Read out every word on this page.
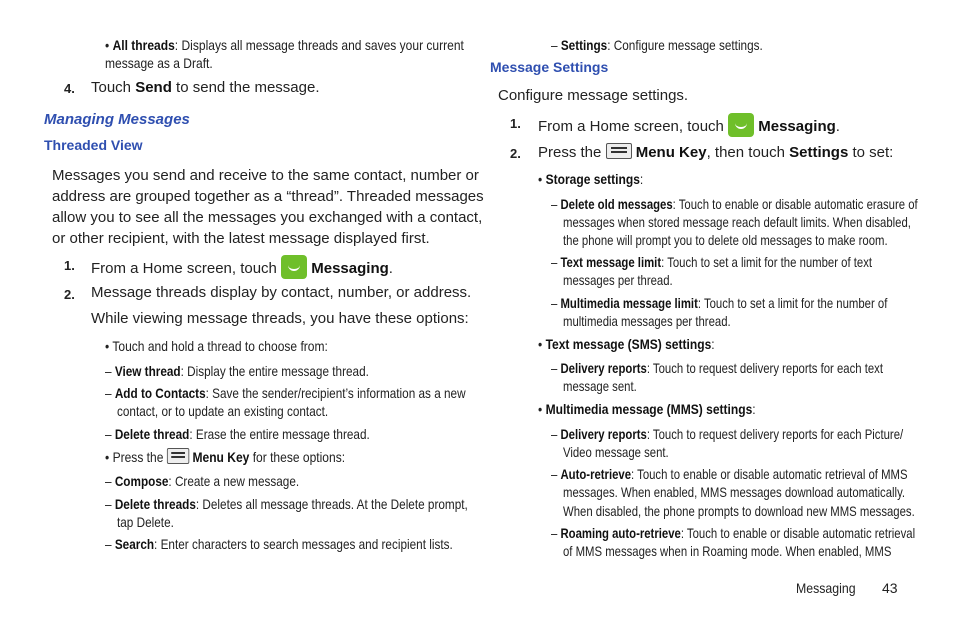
• All threads: Displays all message threads and saves your current
message as a Draft.
4. Touch Send to send the message.
Managing Messages
Threaded View
Messages you send and receive to the same contact, number or
address are grouped together as a “thread”. Threaded messages
allow you to see all the messages you exchanged with a contact,
or other recipient, with the latest message displayed first.
1. From a Home screen, touch Messaging.
2. Message threads display by contact, number, or address.
While viewing message threads, you have these options:
• Touch and hold a thread to choose from:
– View thread: Display the entire message thread.
– Add to Contacts: Save the sender/recipient’s information as a new
contact, or to update an existing contact.
– Delete thread: Erase the entire message thread.
• Press the Menu Key for these options:
– Compose: Create a new message.
– Delete threads: Deletes all message threads. At the Delete prompt,
tap Delete.
– Search: Enter characters to search messages and recipient lists.
– Settings: Configure message settings.
Message Settings
Configure message settings.
1. From a Home screen, touch Messaging.
2. Press the Menu Key, then touch Settings to set:
• Storage settings:
– Delete old messages: Touch to enable or disable automatic erasure of
messages when stored message reach default limits. When disabled,
the phone will prompt you to delete old messages to make room.
– Text message limit: Touch to set a limit for the number of text
messages per thread.
– Multimedia message limit: Touch to set a limit for the number of
multimedia messages per thread.
• Text message (SMS) settings:
– Delivery reports: Touch to request delivery reports for each text
message sent.
• Multimedia message (MMS) settings:
– Delivery reports: Touch to request delivery reports for each Picture/
Video message sent.
– Auto-retrieve: Touch to enable or disable automatic retrieval of MMS
messages. When enabled, MMS messages download automatically.
When disabled, the phone prompts to download new MMS messages.
– Roaming auto-retrieve: Touch to enable or disable automatic retrieval
of MMS messages when in Roaming mode. When enabled, MMS
Messaging 43
